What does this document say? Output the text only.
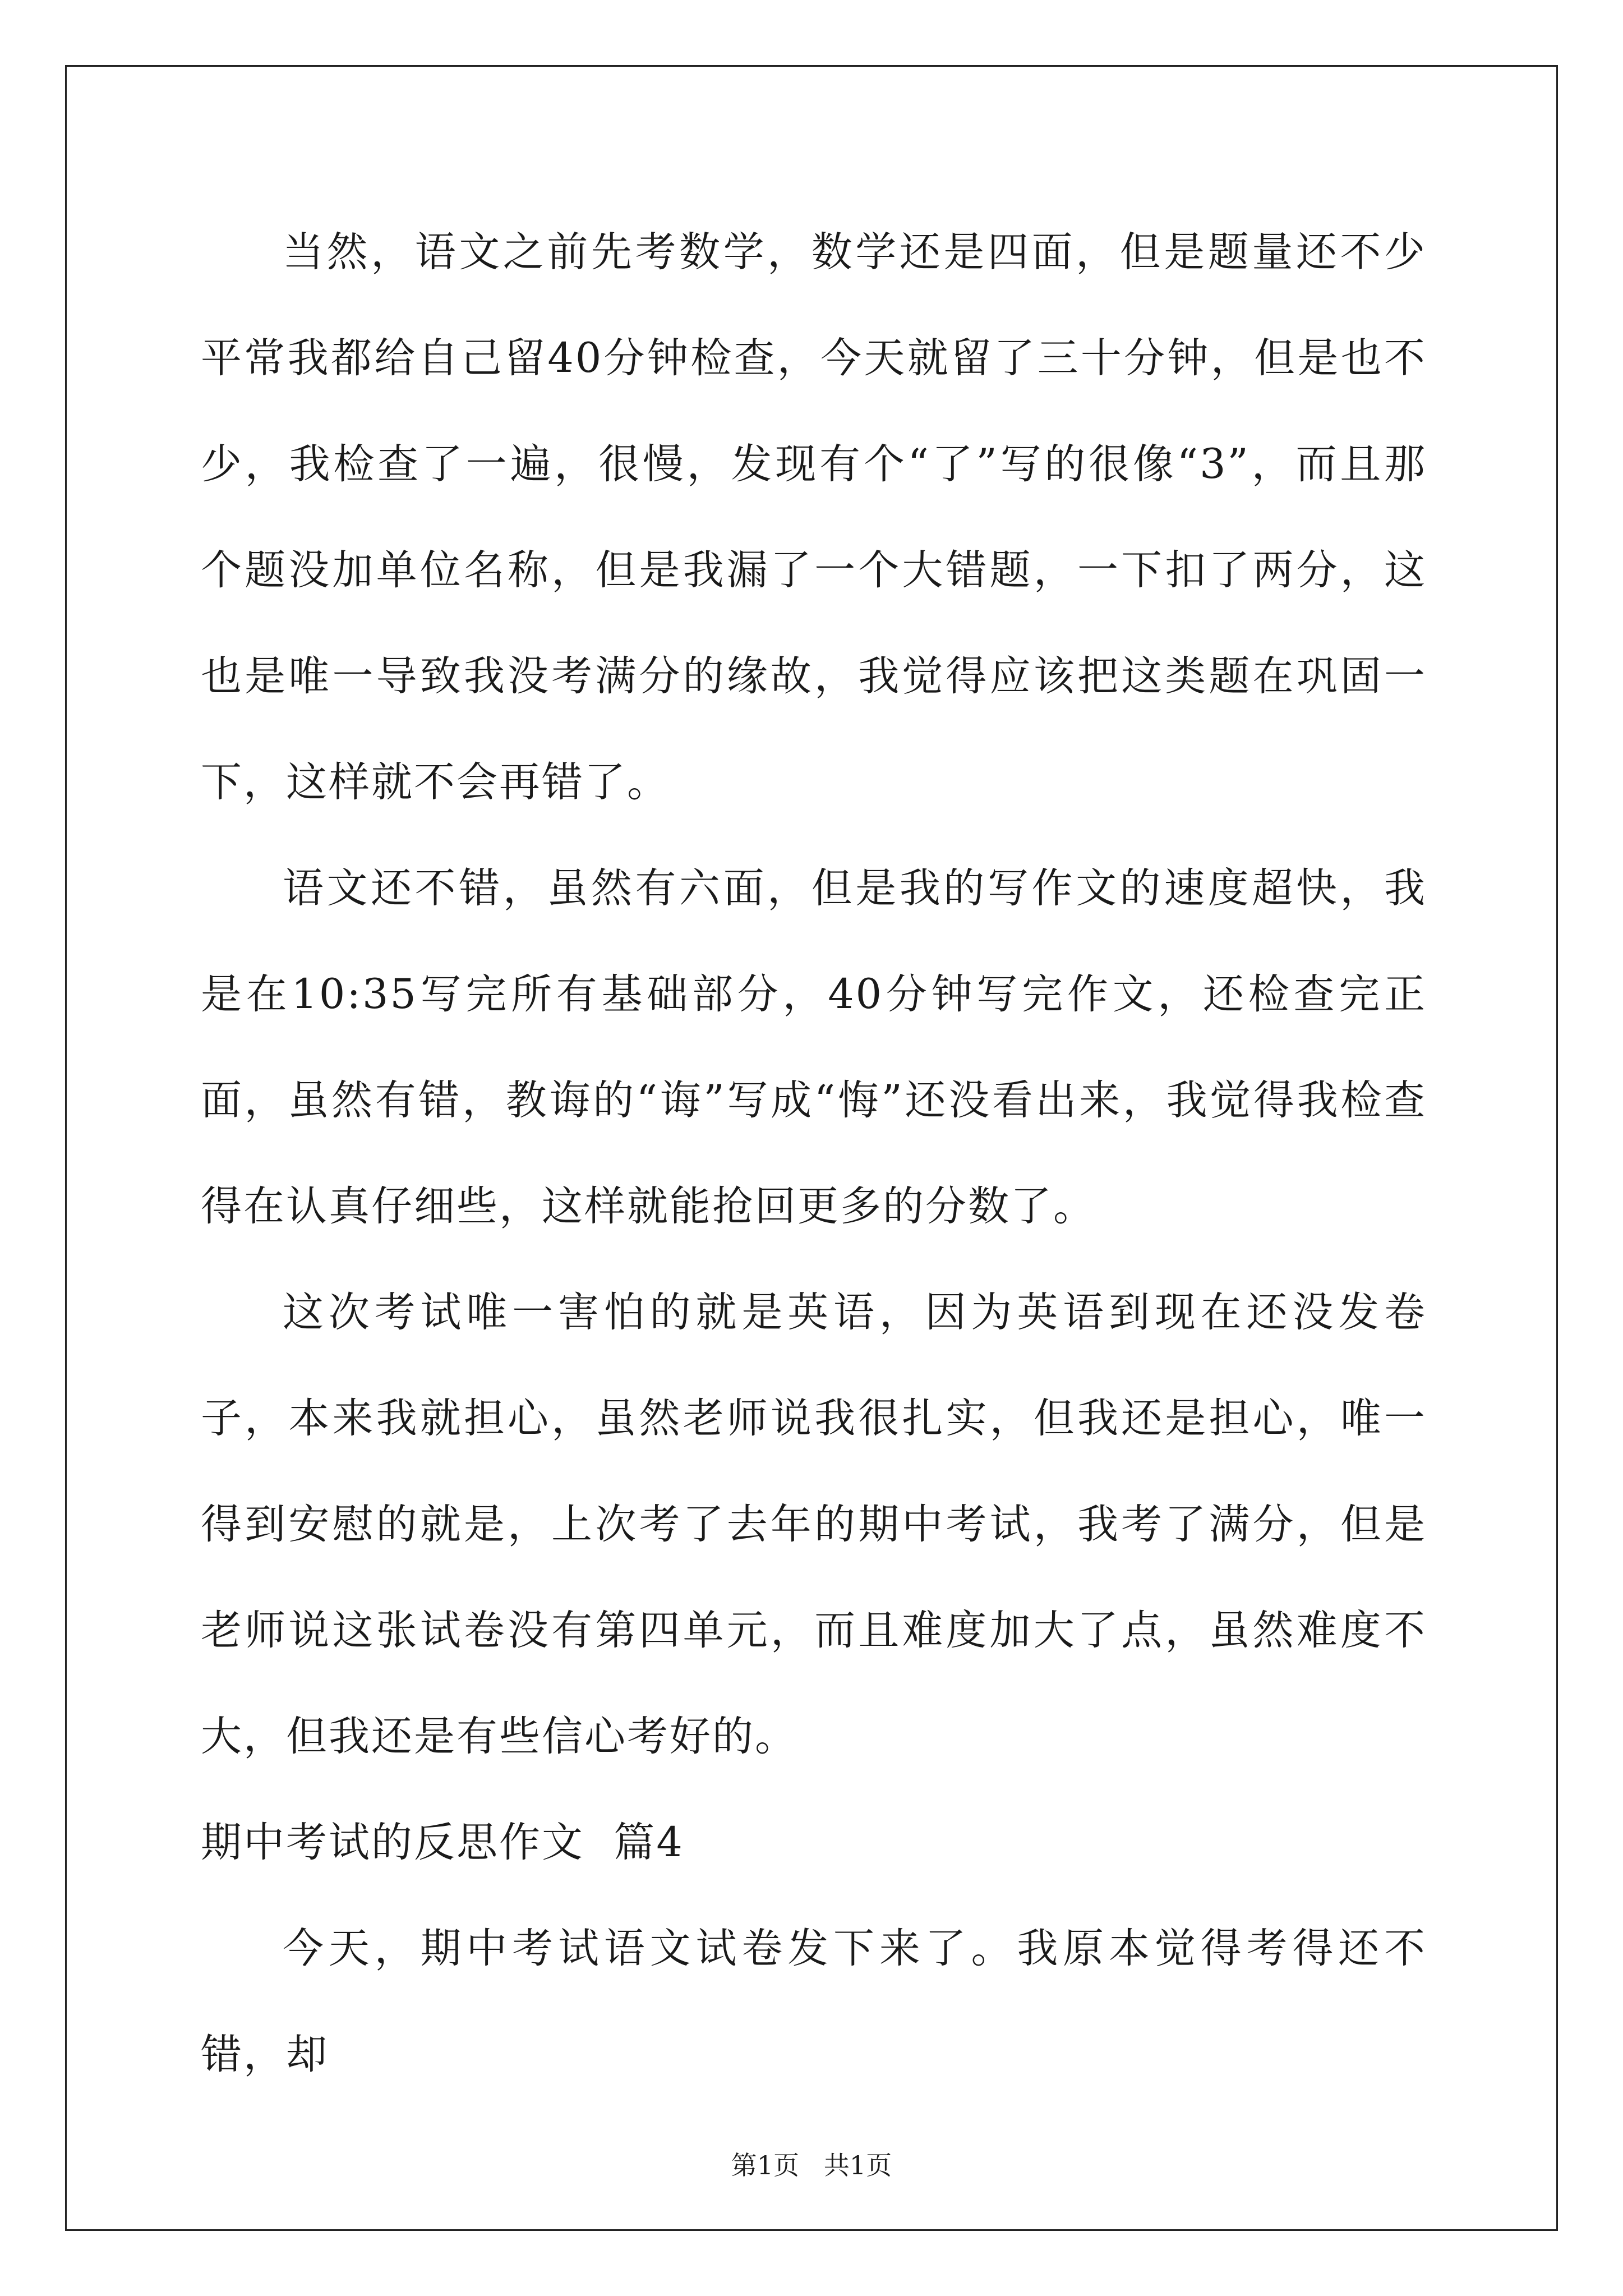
当然，语文之前先考数学，数学还是四面，但是题量还不少平常我都给自己留40分钟检查，今天就留了三十分钟，但是也不少，我检查了一遍，很慢，发现有个“了”写的很像“3”，而且那个题没加单位名称，但是我漏了一个大错题，一下扣了两分，这也是唯一导致我没考满分的缘故，我觉得应该把这类题在巩固一下，这样就不会再错了。

语文还不错，虽然有六面，但是我的写作文的速度超快，我是在10:35写完所有基础部分，40分钟写完作文，还检查完正面，虽然有错，教诲的“诲”写成“悔”还没看出来，我觉得我检查得在认真仔细些，这样就能抢回更多的分数了。

这次考试唯一害怕的就是英语，因为英语到现在还没发卷子，本来我就担心，虽然老师说我很扎实，但我还是担心，唯一得到安慰的就是，上次考了去年的期中考试，我考了满分，但是老师说这张试卷没有第四单元，而且难度加大了点，虽然难度不大，但我还是有些信心考好的。

期中考试的反思作文  篇4

今天，期中考试语文试卷发下来了。我原本觉得考得还不错，却

第1页   共1页
